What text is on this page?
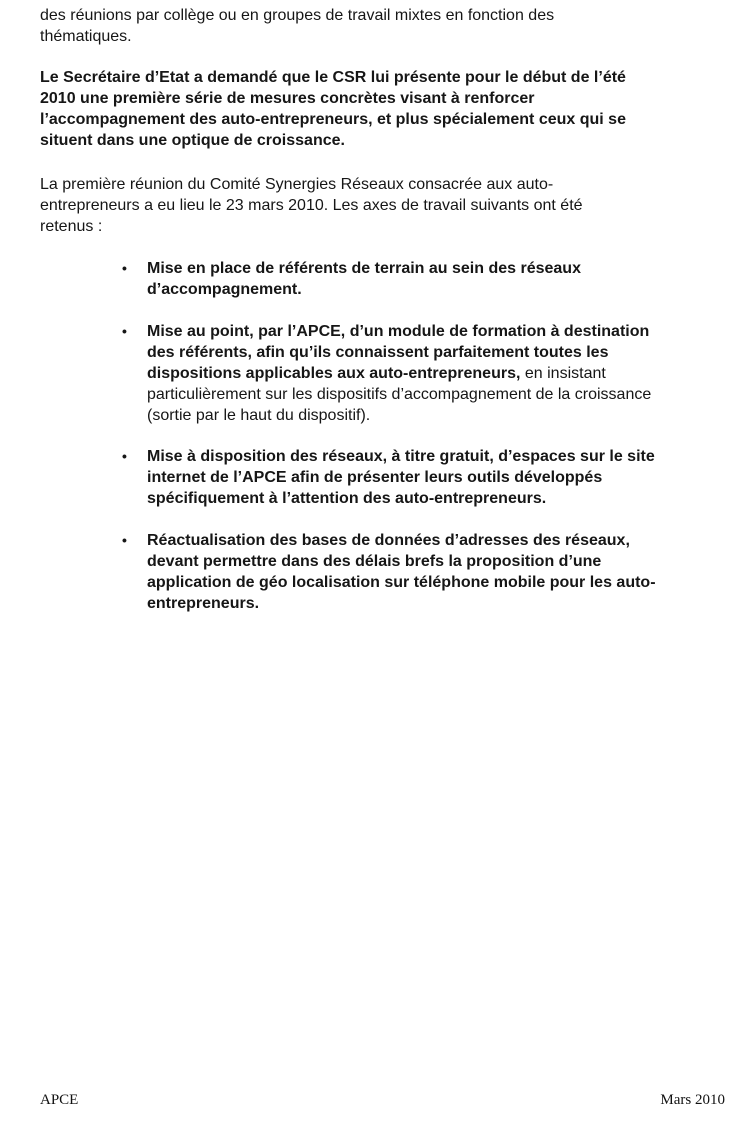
des réunions par collège ou en groupes de travail mixtes en fonction des
thématiques.
Le Secrétaire d’Etat a demandé que le CSR lui présente pour le début de l’été
2010 une première série de mesures concrètes visant à renforcer
l’accompagnement des auto-entrepreneurs, et plus spécialement ceux qui se
situent dans une optique de croissance.
La première réunion du Comité Synergies Réseaux consacrée aux auto-
entrepreneurs a eu lieu le 23 mars 2010. Les axes de travail suivants ont été
retenus :
• Mise en place de référents de terrain au sein des réseaux
d’accompagnement.
• Mise au point, par l’APCE, d’un module de formation à destination
des référents, afin qu’ils connaissent parfaitement toutes les
dispositions applicables aux auto-entrepreneurs, en insistant
particulièrement sur les dispositifs d’accompagnement de la croissance
(sortie par le haut du dispositif).
• Mise à disposition des réseaux, à titre gratuit, d’espaces sur le site
internet de l’APCE afin de présenter leurs outils développés
spécifiquement à l’attention des auto-entrepreneurs.
• Réactualisation des bases de données d’adresses des réseaux,
devant permettre dans des délais brefs la proposition d’une
application de géo localisation sur téléphone mobile pour les auto-
entrepreneurs.
APCE	Mars 2010
